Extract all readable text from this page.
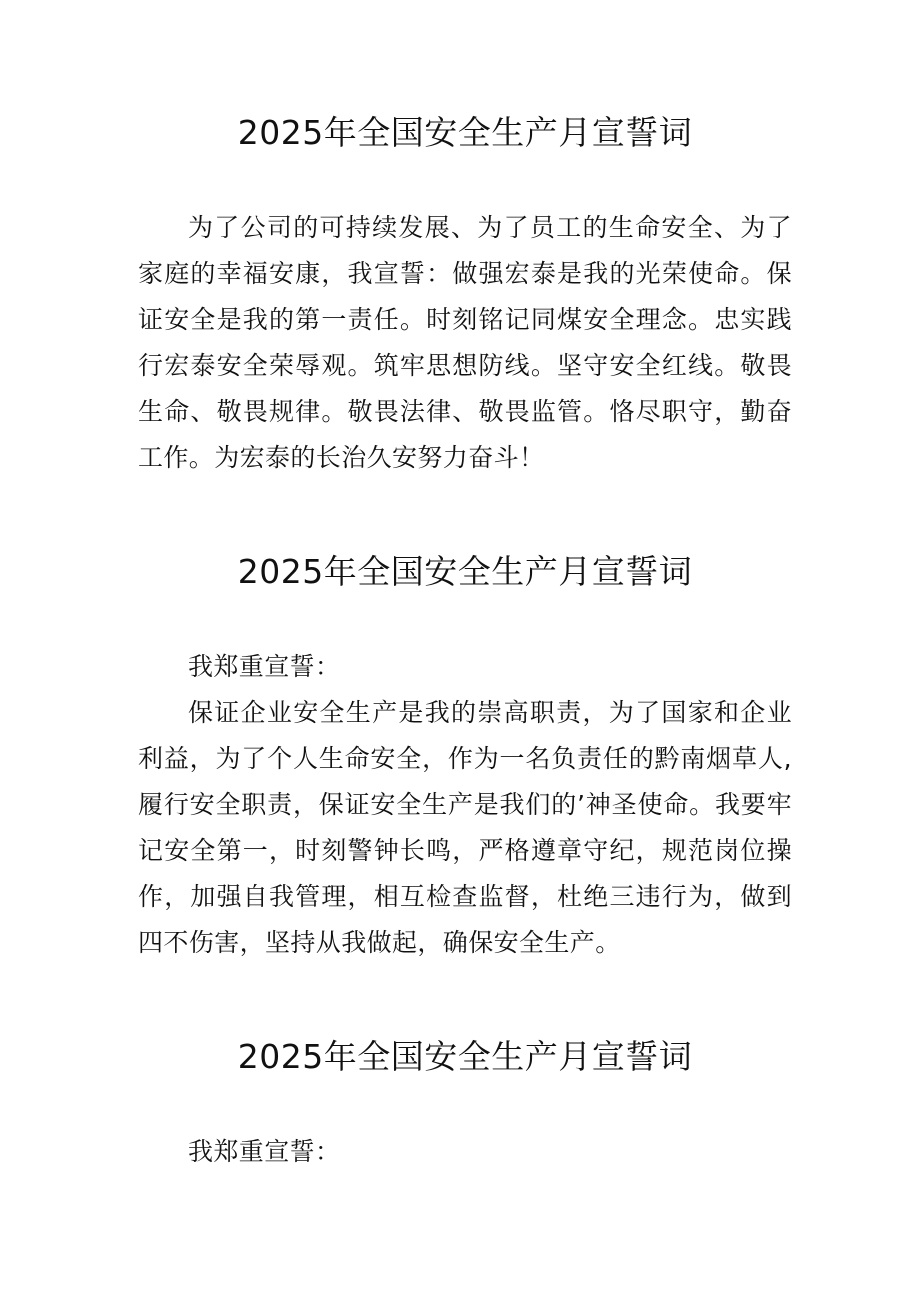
2025年全国安全生产月宣誓词

为了公司的可持续发展、为了员工的生命安全、为了家庭的幸福安康，我宣誓：做强宏泰是我的光荣使命。保证安全是我的第一责任。时刻铭记同煤安全理念。忠实践行宏泰安全荣辱观。筑牢思想防线。坚守安全红线。敬畏生命、敬畏规律。敬畏法律、敬畏监管。恪尽职守，勤奋工作。为宏泰的长治久安努力奋斗！

2025年全国安全生产月宣誓词

我郑重宣誓：

保证企业安全生产是我的崇高职责，为了国家和企业利益，为了个人生命安全，作为一名负责任的黔南烟草人,履行安全职责，保证安全生产是我们的’神圣使命。我要牢记安全第一，时刻警钟长鸣，严格遵章守纪，规范岗位操作，加强自我管理，相互检查监督，杜绝三违行为，做到四不伤害，坚持从我做起，确保安全生产。

2025年全国安全生产月宣誓词

我郑重宣誓：
